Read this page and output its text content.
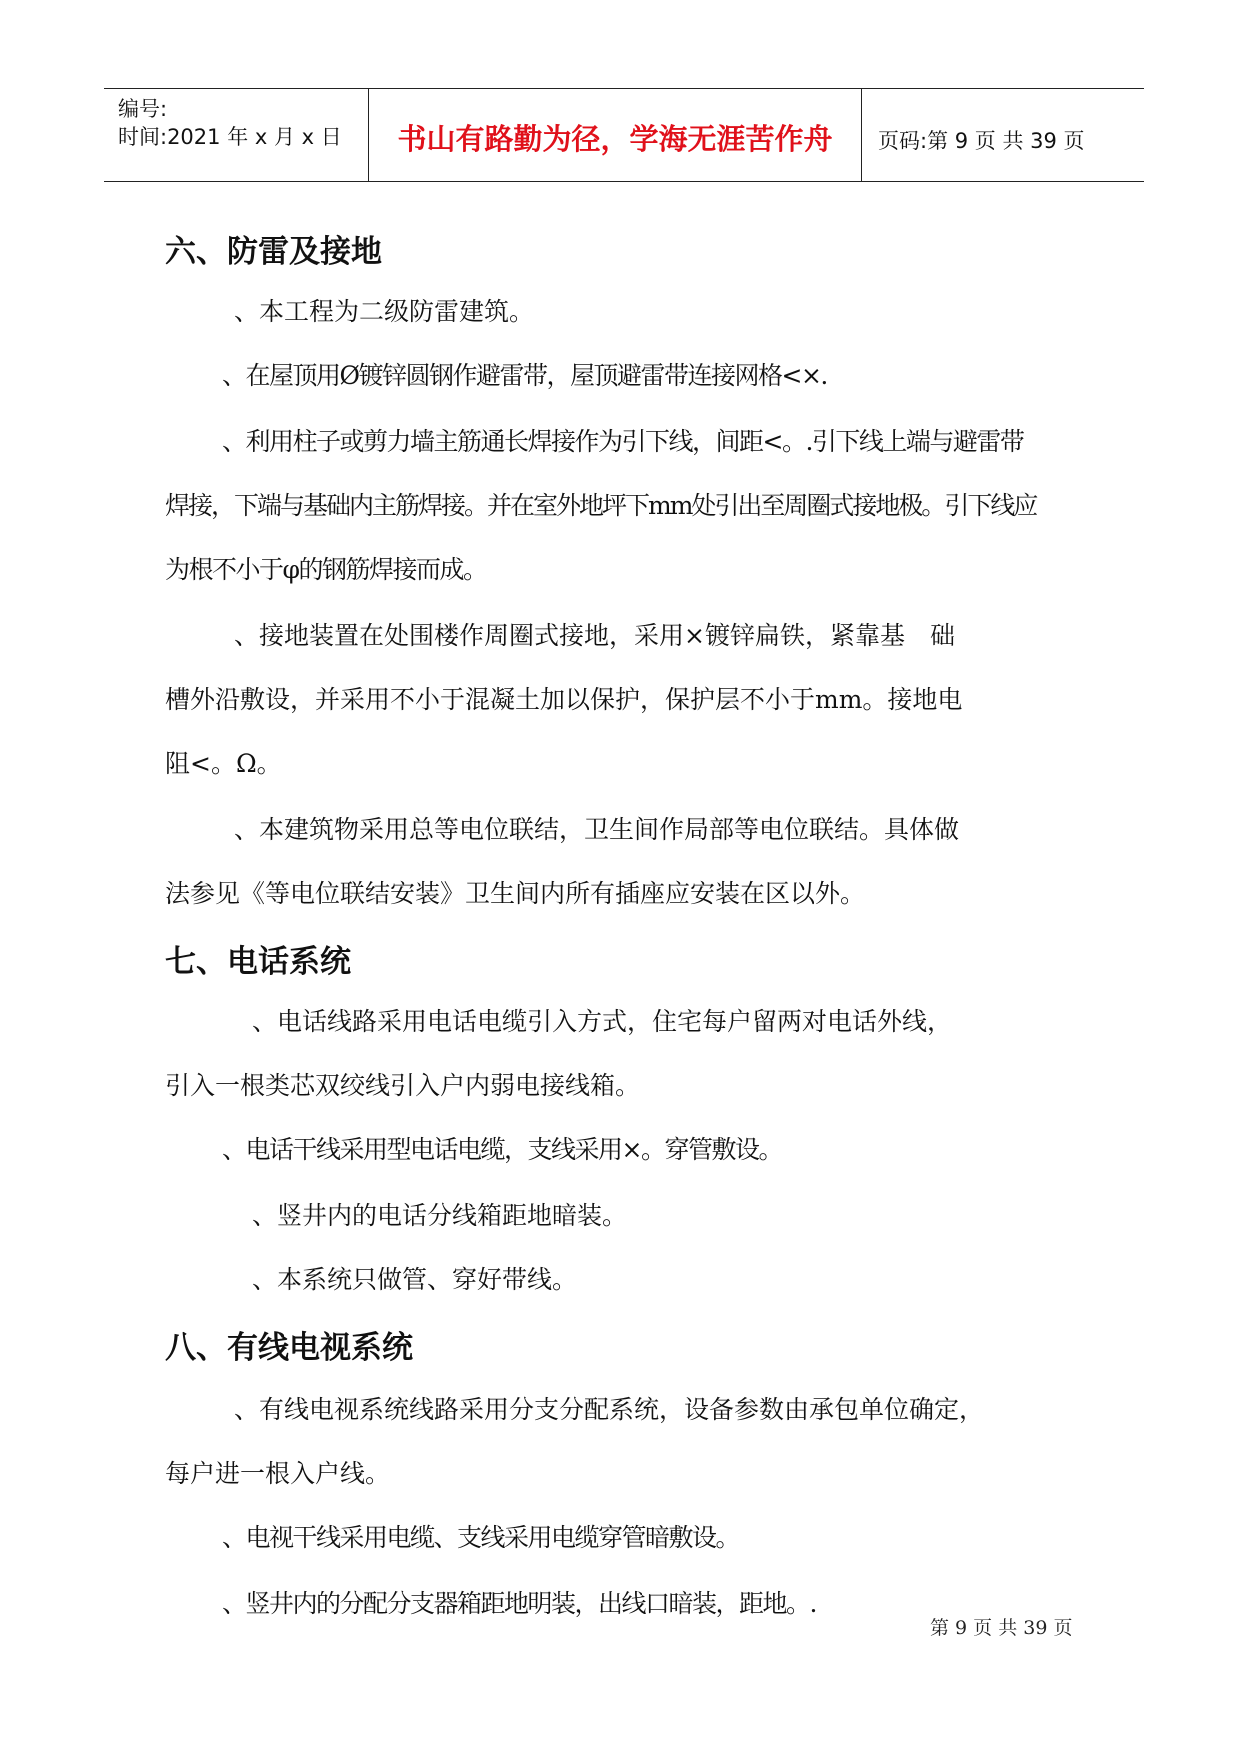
编号:
时间:2021 年 x 月 x 日	书山有路勤为径，学海无涯苦作舟	页码:第 9 页 共 39 页
六、防雷及接地
、本工程为二级防雷建筑。
、在屋顶用Ø镀锌圆钢作避雷带，屋顶避雷带连接网格<×.
、利用柱子或剪力墙主筋通长焊接作为引下线，间距<。.引下线上端与避雷带
焊接，下端与基础内主筋焊接。并在室外地坪下mm处引出至周圈式接地极。引下线应
为根不小于φ的钢筋焊接而成。
、接地装置在处围楼作周圈式接地，采用×镀锌扁铁，紧靠基　础
槽外沿敷设，并采用不小于混凝土加以保护，保护层不小于mm。接地电
阻<。Ω。
、本建筑物采用总等电位联结，卫生间作局部等电位联结。具体做
法参见《等电位联结安装》卫生间内所有插座应安装在区以外。
七、电话系统
、电话线路采用电话电缆引入方式，住宅每户留两对电话外线，
引入一根类芯双绞线引入户内弱电接线箱。
、电话干线采用型电话电缆，支线采用×。穿管敷设。
、竖井内的电话分线箱距地暗装。
、本系统只做管、穿好带线。
八、有线电视系统
、有线电视系统线路采用分支分配系统，设备参数由承包单位确定，
每户进一根入户线。
、电视干线采用电缆、支线采用电缆穿管暗敷设。
、竖井内的分配分支器箱距地明装，出线口暗装，距地。.
第 9 页 共 39 页
